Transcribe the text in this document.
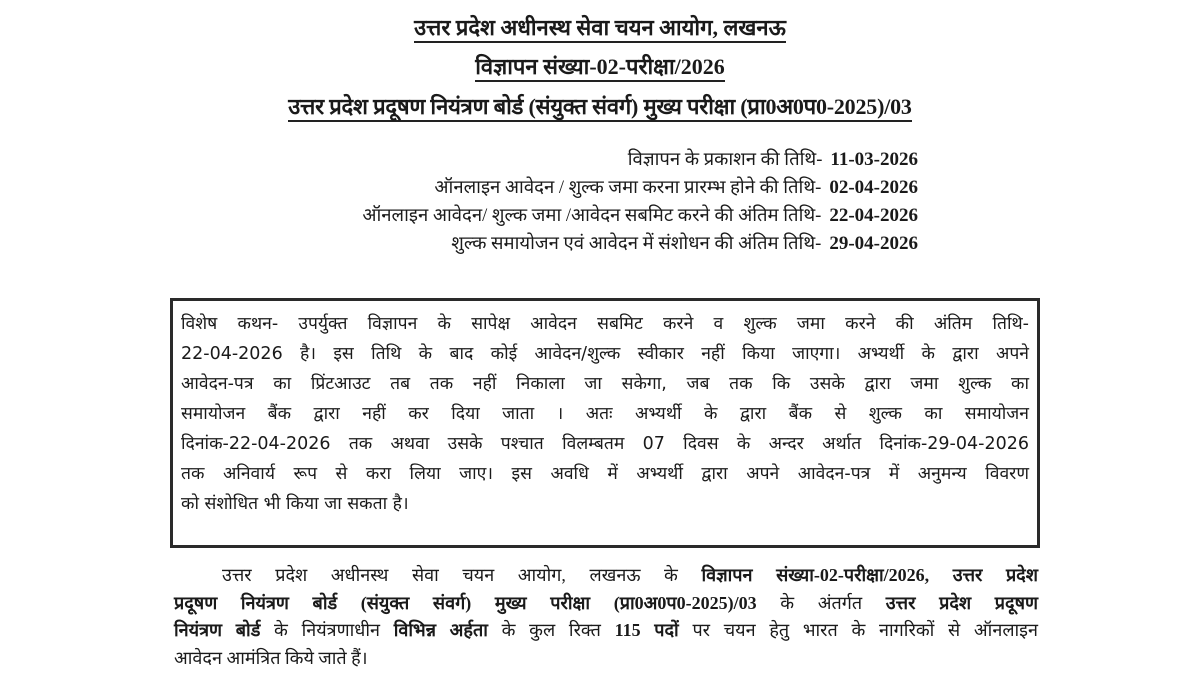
उत्तर प्रदेश अधीनस्थ सेवा चयन आयोग, लखनऊ
विज्ञापन संख्या-02-परीक्षा/2026
उत्तर प्रदेश प्रदूषण नियंत्रण बोर्ड (संयुक्त संवर्ग) मुख्य परीक्षा (प्रा0अ0प0-2025)/03
विज्ञापन के प्रकाशन की तिथि- 11-03-2026
ऑनलाइन आवेदन / शुल्क जमा करना प्रारम्भ होने की तिथि- 02-04-2026
ऑनलाइन आवेदन/ शुल्क जमा /आवेदन सबमिट करने की अंतिम तिथि- 22-04-2026
शुल्क समायोजन एवं आवेदन में संशोधन की अंतिम तिथि- 29-04-2026
विशेष कथन- उपर्युक्त विज्ञापन के सापेक्ष आवेदन सबमिट करने व शुल्क जमा करने की अंतिम तिथि-
22-04-2026 है। इस तिथि के बाद कोई आवेदन/शुल्क स्वीकार नहीं किया जाएगा। अभ्यर्थी के द्वारा अपने
आवेदन-पत्र का प्रिंटआउट तब तक नहीं निकाला जा सकेगा, जब तक कि उसके द्वारा जमा शुल्क का
समायोजन बैंक द्वारा नहीं कर दिया जाता । अतः अभ्यर्थी के द्वारा बैंक से शुल्क का समायोजन
दिनांक-22-04-2026 तक अथवा उसके पश्चात विलम्बतम 07 दिवस के अन्दर अर्थात दिनांक-29-04-2026
तक अनिवार्य रूप से करा लिया जाए। इस अवधि में अभ्यर्थी द्वारा अपने आवेदन-पत्र में अनुमन्य विवरण
को संशोधित भी किया जा सकता है।
उत्तर प्रदेश अधीनस्थ सेवा चयन आयोग, लखनऊ के विज्ञापन संख्या-02-परीक्षा/2026, उत्तर प्रदेश
प्रदूषण नियंत्रण बोर्ड (संयुक्त संवर्ग) मुख्य परीक्षा (प्रा0अ0प0-2025)/03 के अंतर्गत उत्तर प्रदेश प्रदूषण
नियंत्रण बोर्ड के नियंत्रणाधीन विभिन्न अर्हता के कुल रिक्त 115 पदों पर चयन हेतु भारत के नागरिकों से ऑनलाइन
आवेदन आमंत्रित किये जाते हैं।
